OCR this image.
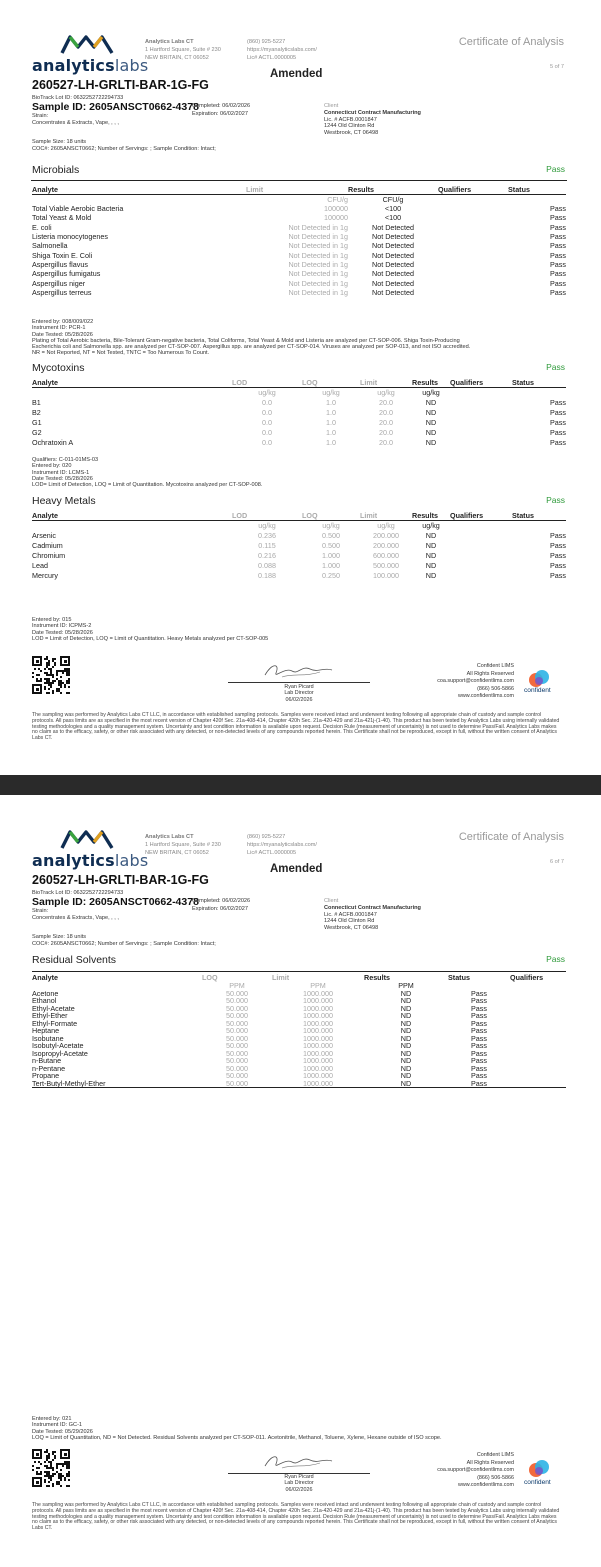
analyticslabs
Analytics Labs CT
1 Hartford Square, Suite # 230
NEW BRITAIN, CT 06052
(860) 925-5227
https://myanalyticslabs.com/
Lic# ACTL.0000005
Certificate of Analysis
5 of 7
Amended
260527-LH-GRLTI-BAR-1G-FG
BioTrack Lot ID: 0632252722294733
Sample ID: 2605ANSCT0662-4378
Completed: 06/02/2026
Expiration: 06/02/2027
Strain:
Concentrates & Extracts, Vape, , , ,
Client
Connecticut Contract Manufacturing
Lic. # ACFB.0001847
1244 Old Clinton Rd
Westbrook, CT 06498
Sample Size: 18 units
COC#: 2605ANSCT0662; Number of Servings: ; Sample Condition: Intact;
Microbials	Pass
Analyte	Limit	Results	Qualifiers	Status
	CFU/g	CFU/g		
Total Viable Aerobic Bacteria	100000	<100		Pass
Total Yeast & Mold	100000	<100		Pass
E. coli	Not Detected in 1g	Not Detected		Pass
Listeria monocytogenes	Not Detected in 1g	Not Detected		Pass
Salmonella	Not Detected in 1g	Not Detected		Pass
Shiga Toxin E. Coli	Not Detected in 1g	Not Detected		Pass
Aspergillus flavus	Not Detected in 1g	Not Detected		Pass
Aspergillus fumigatus	Not Detected in 1g	Not Detected		Pass
Aspergillus niger	Not Detected in 1g	Not Detected		Pass
Aspergillus terreus	Not Detected in 1g	Not Detected		Pass
Entered by: 008/009/022
Instrument ID: PCR-1
Date Tested: 05/28/2026
Plating of Total Aerobic bacteria, Bile-Tolerant Gram-negative bacteria, Total Coliforms, Total Yeast & Mold and Listeria are analyzed per CT-SOP-006. Shiga Toxin-Producing
Escherichia coli and Salmonella spp. are analyzed per CT-SOP-007. Aspergillus spp. are analyzed per CT-SOP-014. Viruses are analyzed per SOP-013, and not ISO accredited.
NR = Not Reported, NT = Not Tested, TNTC = Too Numerous To Count.
Mycotoxins	Pass
Analyte	LOD	LOQ	Limit	Results	Qualifiers	Status
	ug/kg	ug/kg	ug/kg	ug/kg		
B1	0.0	1.0	20.0	ND		Pass
B2	0.0	1.0	20.0	ND		Pass
G1	0.0	1.0	20.0	ND		Pass
G2	0.0	1.0	20.0	ND		Pass
Ochratoxin A	0.0	1.0	20.0	ND		Pass
Qualifiers: C-011-01MS-03
Entered by: 020
Instrument ID: LCMS-1
Date Tested: 05/28/2026
LOD= Limit of Detection, LOQ = Limit of Quantitation. Mycotoxins analyzed per CT-SOP-008.
Heavy Metals	Pass
Analyte	LOD	LOQ	Limit	Results	Qualifiers	Status
	ug/kg	ug/kg	ug/kg	ug/kg		
Arsenic	0.236	0.500	200.000	ND		Pass
Cadmium	0.115	0.500	200.000	ND		Pass
Chromium	0.216	1.000	600.000	ND		Pass
Lead	0.088	1.000	500.000	ND		Pass
Mercury	0.188	0.250	100.000	ND		Pass
Entered by: 015
Instrument ID: ICPMS-2
Date Tested: 05/28/2026
LOD = Limit of Detection, LOQ = Limit of Quantitation. Heavy Metals analyzed per CT-SOP-005
Ryan Picard
Lab Director
06/02/2026
Confident LIMS
All Rights Reserved
coa.support@confidentlims.com
(866) 506-5866
www.confidentlims.com
confident
The sampling was performed by Analytics Labs CT LLC, in accordance with established sampling protocols. Samples were received intact and underwent testing following all appropriate chain of custody and sample control protocols. All pass limits are as specified in the most recent version of Chapter 420f Sec. 21a-408-414, Chapter 420h Sec. 21a-420-429 and 21a-421j-(1-40). This product has been tested by Analytics Labs using internally validated testing methodologies and a quality management system. Uncertainty and test condition information is available upon request. Decision Rule (measurement of uncertainty) is not used to determine Pass/Fail. Analytics Labs makes no claim as to the efficacy, safety, or other risk associated with any detected, or non-detected levels of any compounds reported herein. This Certificate shall not be reproduced, except in full, without the written consent of Analytics Labs CT.
analyticslabs
Analytics Labs CT
1 Hartford Square, Suite # 230
NEW BRITAIN, CT 06052
(860) 925-5227
https://myanalyticslabs.com/
Lic# ACTL.0000005
Certificate of Analysis
6 of 7
Amended
260527-LH-GRLTI-BAR-1G-FG
BioTrack Lot ID: 0632252722294733
Sample ID: 2605ANSCT0662-4378
Completed: 06/02/2026
Expiration: 06/02/2027
Strain:
Concentrates & Extracts, Vape, , , ,
Client
Connecticut Contract Manufacturing
Lic. # ACFB.0001847
1244 Old Clinton Rd
Westbrook, CT 06498
Sample Size: 18 units
COC#: 2605ANSCT0662; Number of Servings: ; Sample Condition: Intact;
Residual Solvents	Pass
Analyte	LOQ	Limit	Results	Status	Qualifiers
	PPM	PPM	PPM		
Acetone	50.000	1000.000	ND	Pass	
Ethanol	50.000	1000.000	ND	Pass	
Ethyl-Acetate	50.000	1000.000	ND	Pass	
Ethyl-Ether	50.000	1000.000	ND	Pass	
Ethyl-Formate	50.000	1000.000	ND	Pass	
Heptane	50.000	1000.000	ND	Pass	
Isobutane	50.000	1000.000	ND	Pass	
Isobutyl-Acetate	50.000	1000.000	ND	Pass	
Isopropyl-Acetate	50.000	1000.000	ND	Pass	
n-Butane	50.000	1000.000	ND	Pass	
n-Pentane	50.000	1000.000	ND	Pass	
Propane	50.000	1000.000	ND	Pass	
Tert-Butyl-Methyl-Ether	50.000	1000.000	ND	Pass	
Entered by: 021
Instrument ID: GC-1
Date Tested: 05/29/2026
LOQ = Limit of Quantitation, ND = Not Detected. Residual Solvents analyzed per CT-SOP-011. Acetonitrile, Methanol, Toluene, Xylene, Hexane outside of ISO scope.
Ryan Picard
Lab Director
06/02/2026
Confident LIMS
All Rights Reserved
coa.support@confidentlims.com
(866) 506-5866
www.confidentlims.com confident
The sampling was performed by Analytics Labs CT LLC, in accordance with established sampling protocols. Samples were received intact and underwent testing following all appropriate chain of custody and sample control protocols. All pass limits are as specified in the most recent version of Chapter 420f Sec. 21a-408-414, Chapter 420h Sec. 21a-420-429 and 21a-421j-(1-40). This product has been tested by Analytics Labs using internally validated testing methodologies and a quality management system. Uncertainty and test condition information is available upon request. Decision Rule (measurement of uncertainty) is not used to determine Pass/Fail. Analytics Labs makes no claim as to the efficacy, safety, or other risk associated with any detected, or non-detected levels of any compounds reported herein. This Certificate shall not be reproduced, except in full, without the written consent of Analytics Labs CT.
